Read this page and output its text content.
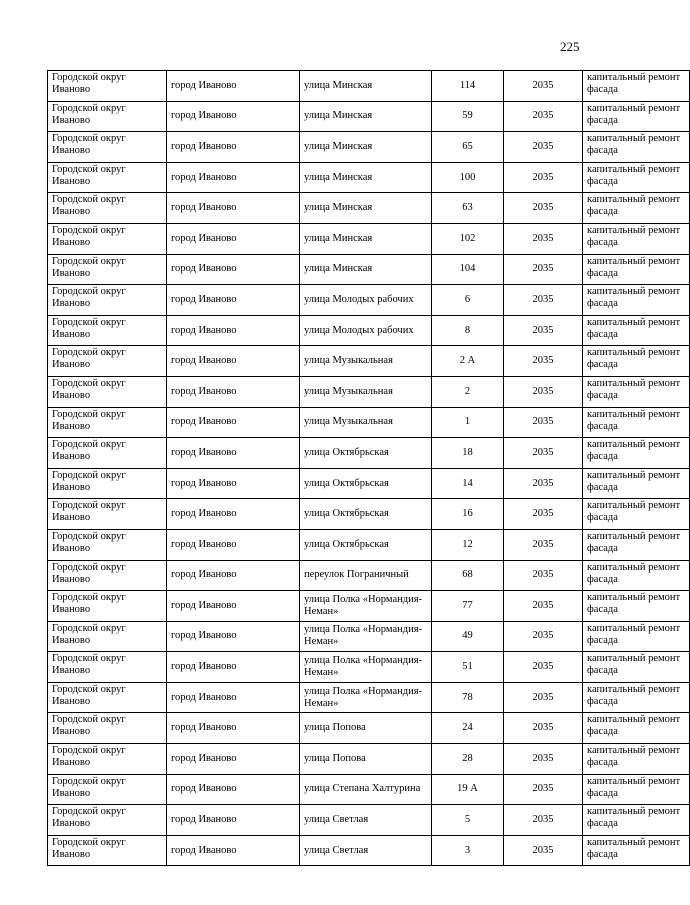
225
Городской округ Иваново	город Иваново	улица Минская	114	2035	капитальный ремонт фасада
Городской округ Иваново	город Иваново	улица Минская	59	2035	капитальный ремонт фасада
Городской округ Иваново	город Иваново	улица Минская	65	2035	капитальный ремонт фасада
Городской округ Иваново	город Иваново	улица Минская	100	2035	капитальный ремонт фасада
Городской округ Иваново	город Иваново	улица Минская	63	2035	капитальный ремонт фасада
Городской округ Иваново	город Иваново	улица Минская	102	2035	капитальный ремонт фасада
Городской округ Иваново	город Иваново	улица Минская	104	2035	капитальный ремонт фасада
Городской округ Иваново	город Иваново	улица Молодых рабочих	6	2035	капитальный ремонт фасада
Городской округ Иваново	город Иваново	улица Молодых рабочих	8	2035	капитальный ремонт фасада
Городской округ Иваново	город Иваново	улица Музыкальная	2 А	2035	капитальный ремонт фасада
Городской округ Иваново	город Иваново	улица Музыкальная	2	2035	капитальный ремонт фасада
Городской округ Иваново	город Иваново	улица Музыкальная	1	2035	капитальный ремонт фасада
Городской округ Иваново	город Иваново	улица Октябрьская	18	2035	капитальный ремонт фасада
Городской округ Иваново	город Иваново	улица Октябрьская	14	2035	капитальный ремонт фасада
Городской округ Иваново	город Иваново	улица Октябрьская	16	2035	капитальный ремонт фасада
Городской округ Иваново	город Иваново	улица Октябрьская	12	2035	капитальный ремонт фасада
Городской округ Иваново	город Иваново	переулок Пограничный	68	2035	капитальный ремонт фасада
Городской округ Иваново	город Иваново	улица Полка «Нормандия-Неман»	77	2035	капитальный ремонт фасада
Городской округ Иваново	город Иваново	улица Полка «Нормандия-Неман»	49	2035	капитальный ремонт фасада
Городской округ Иваново	город Иваново	улица Полка «Нормандия-Неман»	51	2035	капитальный ремонт фасада
Городской округ Иваново	город Иваново	улица Полка «Нормандия-Неман»	78	2035	капитальный ремонт фасада
Городской округ Иваново	город Иваново	улица Попова	24	2035	капитальный ремонт фасада
Городской округ Иваново	город Иваново	улица Попова	28	2035	капитальный ремонт фасада
Городской округ Иваново	город Иваново	улица Степана Халтурина	19 А	2035	капитальный ремонт фасада
Городской округ Иваново	город Иваново	улица Светлая	5	2035	капитальный ремонт фасада
Городской округ Иваново	город Иваново	улица Светлая	3	2035	капитальный ремонт фасада
